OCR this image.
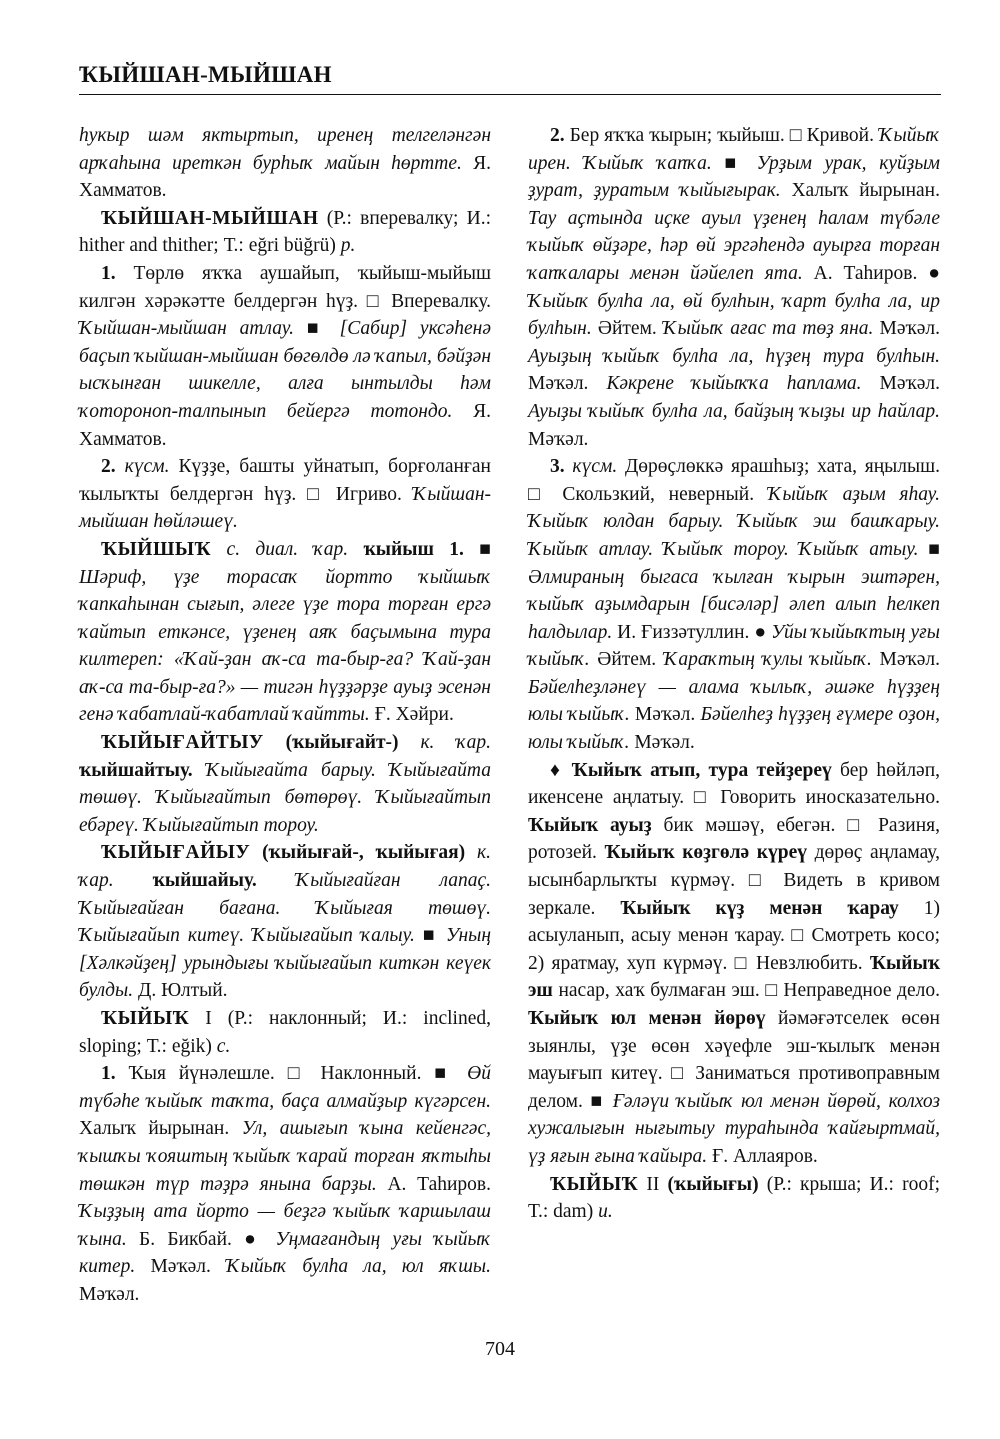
ҠЫЙШАН-МЫЙШАН

hукыр шәм яктыртып, иренең телгеләнгән арҡаһына иреткән бурһыҡ майын һөртте. Я. Хамматов.

ҠЫЙШАН-МЫЙШАН (Р.: вперевалку; И.: hither and thither; Т.: eğri büğrü) р.

1. Төрлө яҡҡа аушайып, ҡыйыш-мыйыш килгән хәрәкәтте белдергән һүҙ. □ Вперевалку. Ҡыйшан-мыйшан атлау. ■ [Сабир] уксәhенә баҫып ҡыйшан-мыйшан бөгөлдө лә ҡапыл, бәйҙән ысҡынған шикелле, алға ынтылды һәм ҡотороноп-талпынып бейергә тотондо. Я. Хамматов.

2. күсм. Күҙҙе, башты уйнатып, борғоланған ҡылыҡты белдергән һүҙ. □ Игриво. Ҡыйшан-мыйшан һөйләшеү.

ҠЫЙШЫҠ с. диал. ҡар. ҡыйыш 1. ■ Шәриф, үҙе торасаҡ йортто ҡыйшыҡ ҡапкаһынан сығып, әлеге үҙе тора торған ергә ҡайтып еткәнсе, үҙенең аяҡ баҫымына тура килтереп: «Ҡай-ҙан аҡ-са та-быр-ға? Ҡай-ҙан аҡ-са та-быр-ға?» — тигән һүҙҙәрҙе ауыҙ эсенән генә ҡабатлай-ҡабатлай ҡайтты. Ғ. Хәйри.

ҠЫЙЫҒАЙТЫУ (ҡыйығайт-) к. ҡар. ҡыйшайтыу. Ҡыйығайта барыу. Ҡыйығайта төшөү. Ҡыйығайтып бөтөрөү. Ҡыйығайтып ебәреү. Ҡыйығайтып тороу.

ҠЫЙЫҒАЙЫУ (ҡыйығай-, ҡыйығая) к. ҡар. ҡыйшайыу. Ҡыйығайған лапаҫ. Ҡыйығайған бағана. Ҡыйығая төшөү. Ҡыйығайып китеү. Ҡыйығайып ҡалыу. ■ Уның [Хәлкәйҙең] урындығы ҡыйығайып киткән кеүек булды. Д. Юлтый.

ҠЫЙЫҠ I (Р.: наклонный; И.: inclined, sloping; Т.: eğik) с.

1. Ҡыя йүнәлешле. □ Наклонный. ■ Өй түбәhе ҡыйыҡ таҡта, баҫа алмайҙыр күгәрсен. Халыҡ йырынан. Ул, ашығып ҡына кейенгәс, ҡышҡы ҡояштың ҡыйыҡ ҡарай торған яҡтыһы төшкән түр тәҙрә янына барҙы. А. Таһиров. Ҡыҙҙың ата йорто — беҙгә ҡыйыҡ ҡаршылаш ҡына. Б. Бикбай. ● Уңмағандың уғы ҡыйыҡ китер. Мәҡәл. Ҡыйыҡ булһа ла, юл яҡшы. Мәҡәл.

2. Бер яҡҡа ҡырын; ҡыйыш. □ Кривой. Ҡыйыҡ ирен. Ҡыйыҡ ҡапҡа. ■ Урҙым урак, куйҙым ҙурат, ҙуратым ҡыйығырак. Халыҡ йырынан. Тау аҫтында иҫке ауыл үҙенең hалам түбәле ҡыйыҡ өйҙәре, һәр өй эргәhендә ауырға торған ҡапҡалары менән йәйелеп ята. А. Таһиров. ● Ҡыйыҡ булһа ла, өй булһын, ҡарт булһа ла, ир булһын. Әйтем. Ҡыйыҡ ағас та төҙ яна. Мәҡәл. Ауыҙың ҡыйыҡ булһа ла, һүҙең тура булһын. Мәҡәл. Кәкрене ҡыйыҡҡа һаплама. Мәҡәл. Ауыҙы ҡыйыҡ булһа ла, байҙың ҡыҙы ир һайлар. Мәҡәл.

3. күсм. Дөрөҫлөккә ярашһыҙ; хата, яңылыш. □ Скользкий, неверный. Ҡыйыҡ аҙым яһау. Ҡыйыҡ юлдан барыу. Ҡыйыҡ эш башҡарыу. Ҡыйыҡ атлау. Ҡыйыҡ тороу. Ҡыйыҡ атыу. ■ Әлмираның быгаса ҡылған ҡырын эштәрен, ҡыйыҡ аҙымдарын [бисәләр] әлеп алып һелкеп һалдылар. И. Ғиззәтуллин. ● Уйы ҡыйыҡтың уғы ҡыйыҡ. Әйтем. Ҡараҡтың ҡулы ҡыйыҡ. Мәҡәл. Бәйелһеҙләнеү — алама ҡылыҡ, әшәке һүҙҙең юлы ҡыйыҡ. Мәҡәл. Бәйелһеҙ һүҙҙең ғүмере оҙон, юлы ҡыйыҡ. Мәҡәл.

♦ Ҡыйыҡ атып, тура тейҙереү бер һөйләп, икенсене аңлатыу. □ Говорить иносказательно. Ҡыйыҡ ауыҙ бик мәшәү, ебегән. □ Разиня, ротозей. Ҡыйыҡ көҙгөлә күреү дөрөҫ аңламау, ысынбарлыҡты күрмәү. □ Видеть в кривом зеркале. Ҡыйыҡ күҙ менән ҡарау 1) асыуланып, асыу менән ҡарау. □ Смотреть косо; 2) яратмау, хуп күрмәү. □ Невзлюбить. Ҡыйыҡ эш насар, хаҡ булмаған эш. □ Неправедное дело. Ҡыйыҡ юл менән йөрөү йәмәғәтселек өсөн зыянлы, үҙе өсөн хәүефле эш-ҡылыҡ менән мауығып китеү. □ Заниматься противоправным делом. ■ Ғәләүи ҡыйыҡ юл менән йөрөй, колхоз хужалығын нығытыу тураһында ҡайғыртмай, үҙ яғын ғына ҡайыра. Ғ. Аллаяров.

ҠЫЙЫҠ II (ҡыйығы) (Р.: крыша; И.: roof; Т.: dam) и.

704
